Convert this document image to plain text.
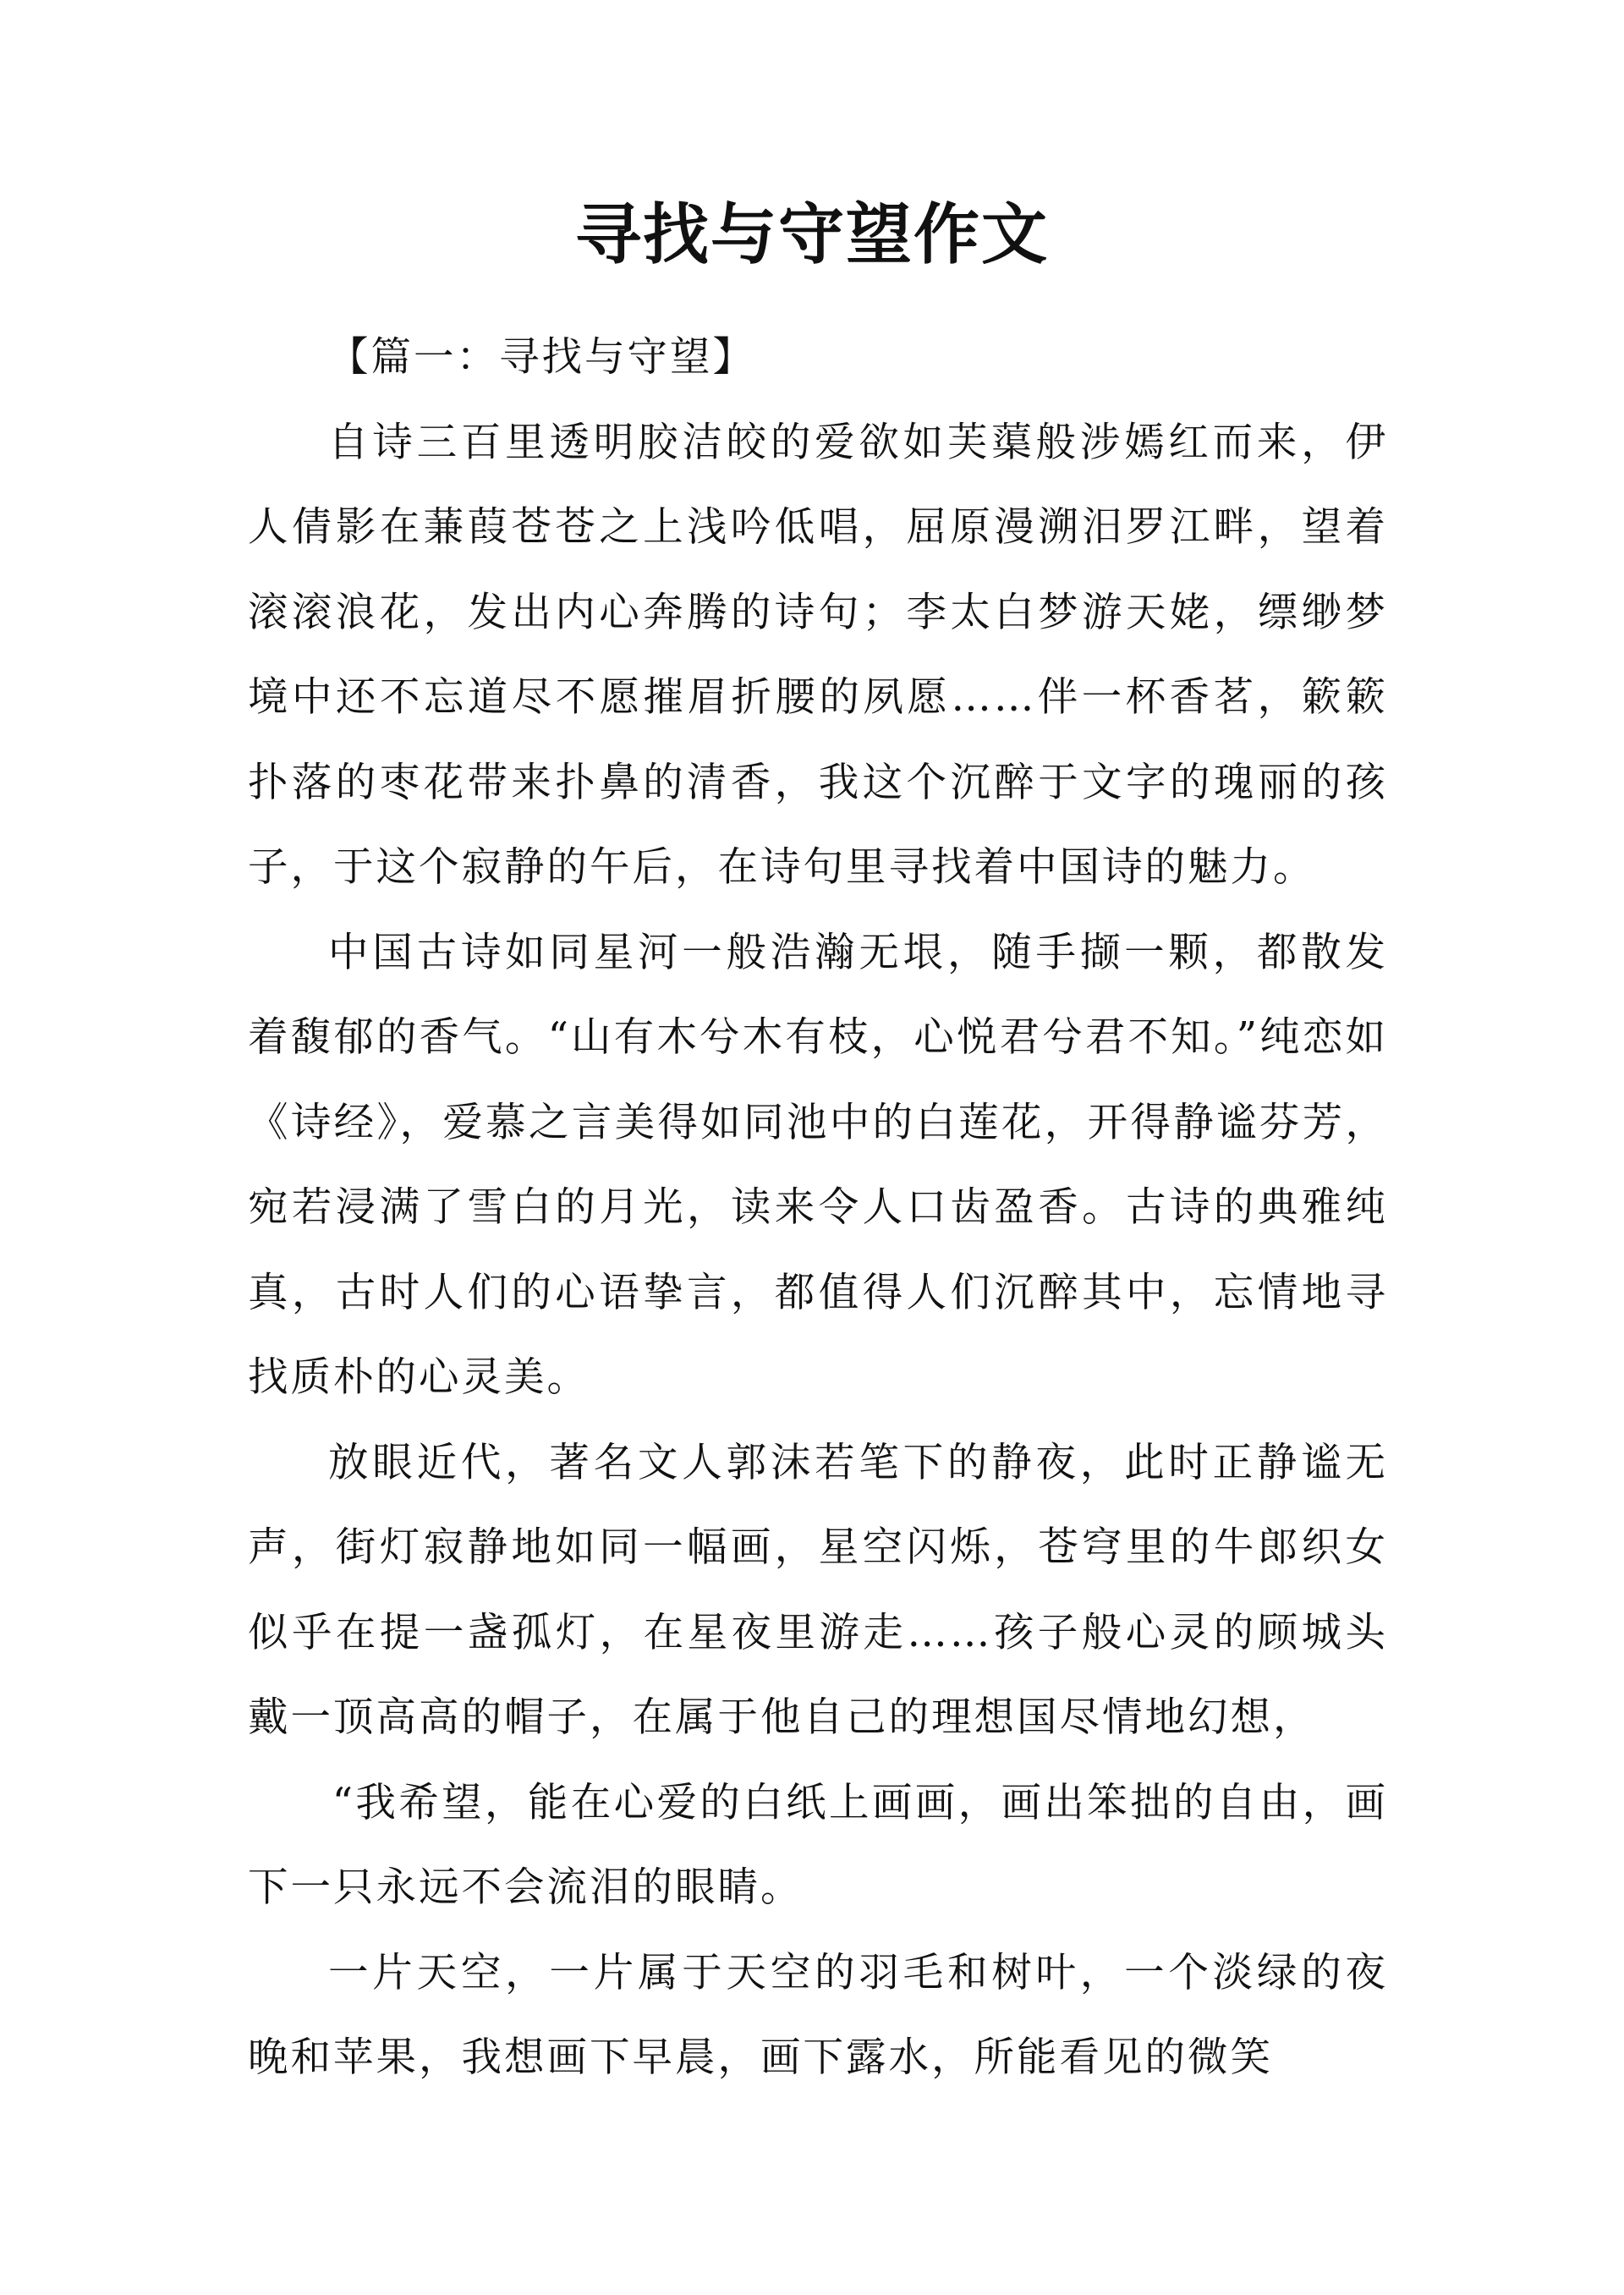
寻找与守望作文

【篇一：寻找与守望】

自诗三百里透明胶洁皎的爱欲如芙蕖般涉嫣红而来，伊人倩影在蒹葭苍苍之上浅吟低唱，屈原漫溯汨罗江畔，望着滚滚浪花，发出内心奔腾的诗句；李太白梦游天姥，缥缈梦境中还不忘道尽不愿摧眉折腰的夙愿……伴一杯香茗，簌簌扑落的枣花带来扑鼻的清香，我这个沉醉于文字的瑰丽的孩子，于这个寂静的午后，在诗句里寻找着中国诗的魅力。

中国古诗如同星河一般浩瀚无垠，随手撷一颗，都散发着馥郁的香气。“山有木兮木有枝，心悦君兮君不知。”纯恋如《诗经》，爱慕之言美得如同池中的白莲花，开得静谧芬芳，宛若浸满了雪白的月光，读来令人口齿盈香。古诗的典雅纯真，古时人们的心语挚言，都值得人们沉醉其中，忘情地寻找质朴的心灵美。

放眼近代，著名文人郭沫若笔下的静夜，此时正静谧无声，街灯寂静地如同一幅画，星空闪烁，苍穹里的牛郎织女似乎在提一盏孤灯，在星夜里游走……孩子般心灵的顾城头戴一顶高高的帽子，在属于他自己的理想国尽情地幻想，

“我希望，能在心爱的白纸上画画，画出笨拙的自由，画下一只永远不会流泪的眼睛。

一片天空，一片属于天空的羽毛和树叶，一个淡绿的夜晚和苹果，我想画下早晨，画下露水，所能看见的微笑
